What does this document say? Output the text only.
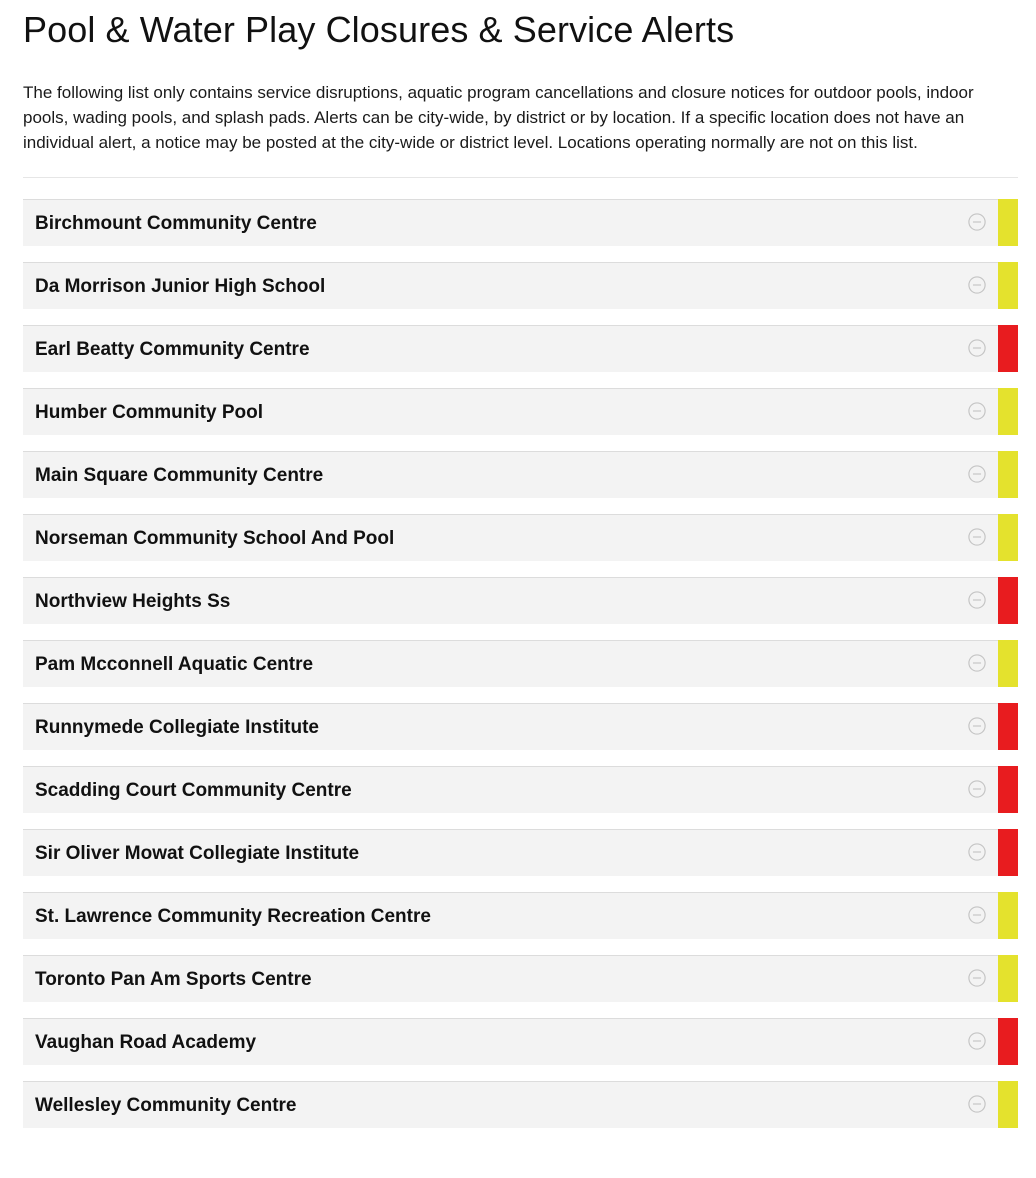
Pool & Water Play Closures & Service Alerts

The following list only contains service disruptions, aquatic program cancellations and closure notices for outdoor pools, indoor pools, wading pools, and splash pads. Alerts can be city-wide, by district or by location. If a specific location does not have an individual alert, a notice may be posted at the city-wide or district level. Locations operating normally are not on this list.

Birchmount Community Centre
Da Morrison Junior High School
Earl Beatty Community Centre
Humber Community Pool
Main Square Community Centre
Norseman Community School And Pool
Northview Heights Ss
Pam Mcconnell Aquatic Centre
Runnymede Collegiate Institute
Scadding Court Community Centre
Sir Oliver Mowat Collegiate Institute
St. Lawrence Community Recreation Centre
Toronto Pan Am Sports Centre
Vaughan Road Academy
Wellesley Community Centre
